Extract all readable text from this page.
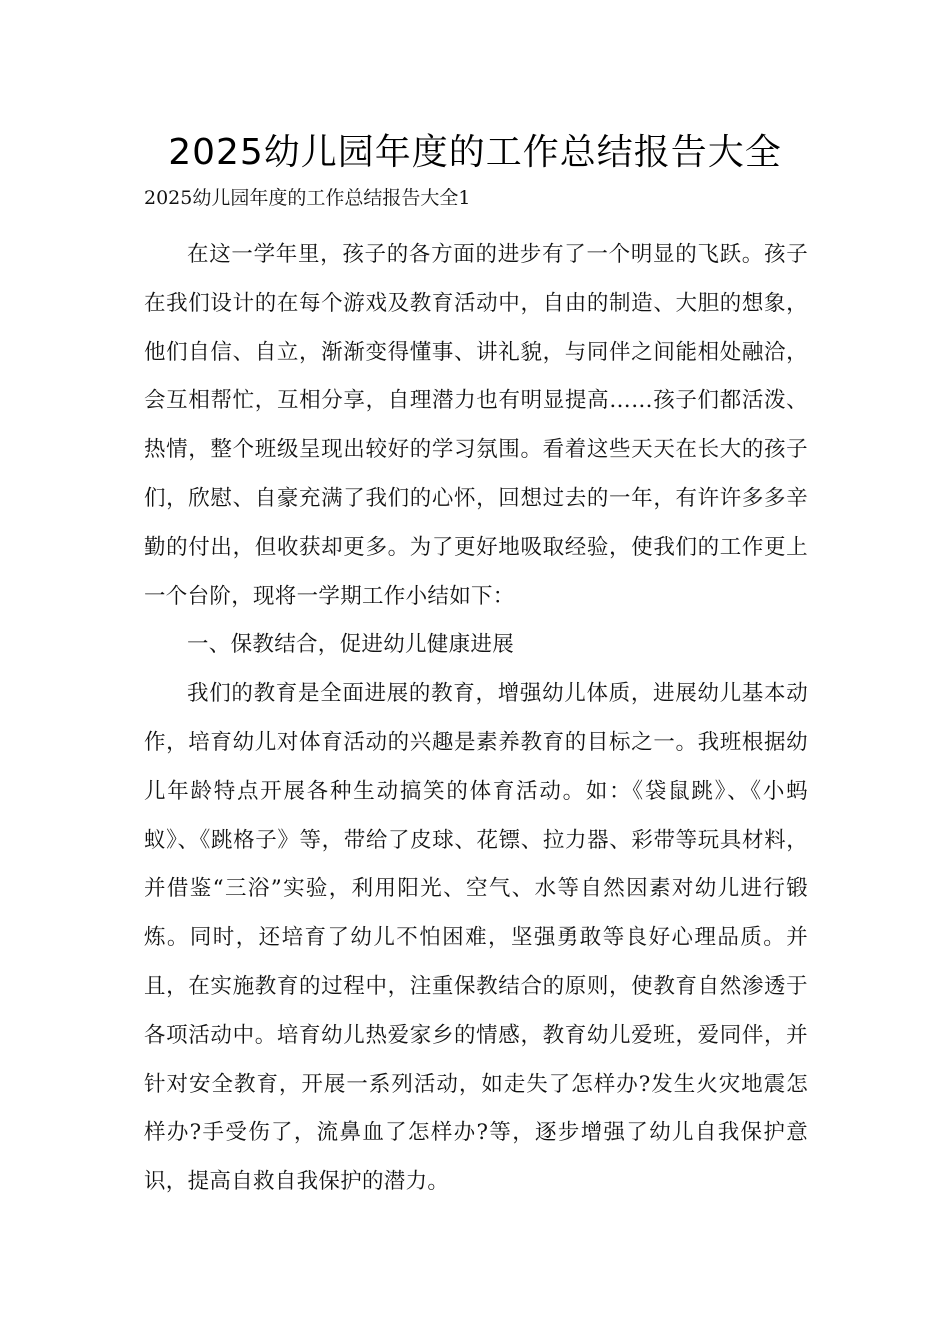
2025幼儿园年度的工作总结报告大全

2025幼儿园年度的工作总结报告大全1

在这一学年里，孩子的各方面的进步有了一个明显的飞跃。孩子在我们设计的在每个游戏及教育活动中，自由的制造、大胆的想象，他们自信、自立，渐渐变得懂事、讲礼貌，与同伴之间能相处融洽，会互相帮忙，互相分享，自理潜力也有明显提高……孩子们都活泼、热情，整个班级呈现出较好的学习氛围。看着这些天天在长大的孩子们，欣慰、自豪充满了我们的心怀，回想过去的一年，有许许多多辛勤的付出，但收获却更多。为了更好地吸取经验，使我们的工作更上一个台阶，现将一学期工作小结如下：

一、保教结合，促进幼儿健康进展

我们的教育是全面进展的教育，增强幼儿体质，进展幼儿基本动作，培育幼儿对体育活动的兴趣是素养教育的目标之一。我班根据幼儿年龄特点开展各种生动搞笑的体育活动。如：《袋鼠跳》、《小蚂蚁》、《跳格子》等，带给了皮球、花镖、拉力器、彩带等玩具材料，并借鉴“三浴”实验，利用阳光、空气、水等自然因素对幼儿进行锻炼。同时，还培育了幼儿不怕困难，坚强勇敢等良好心理品质。并且，在实施教育的过程中，注重保教结合的原则，使教育自然渗透于各项活动中。培育幼儿热爱家乡的情感，教育幼儿爱班，爱同伴，并针对安全教育，开展一系列活动，如走失了怎样办?发生火灾地震怎样办?手受伤了，流鼻血了怎样办?等，逐步增强了幼儿自我保护意识，提高自救自我保护的潜力。
